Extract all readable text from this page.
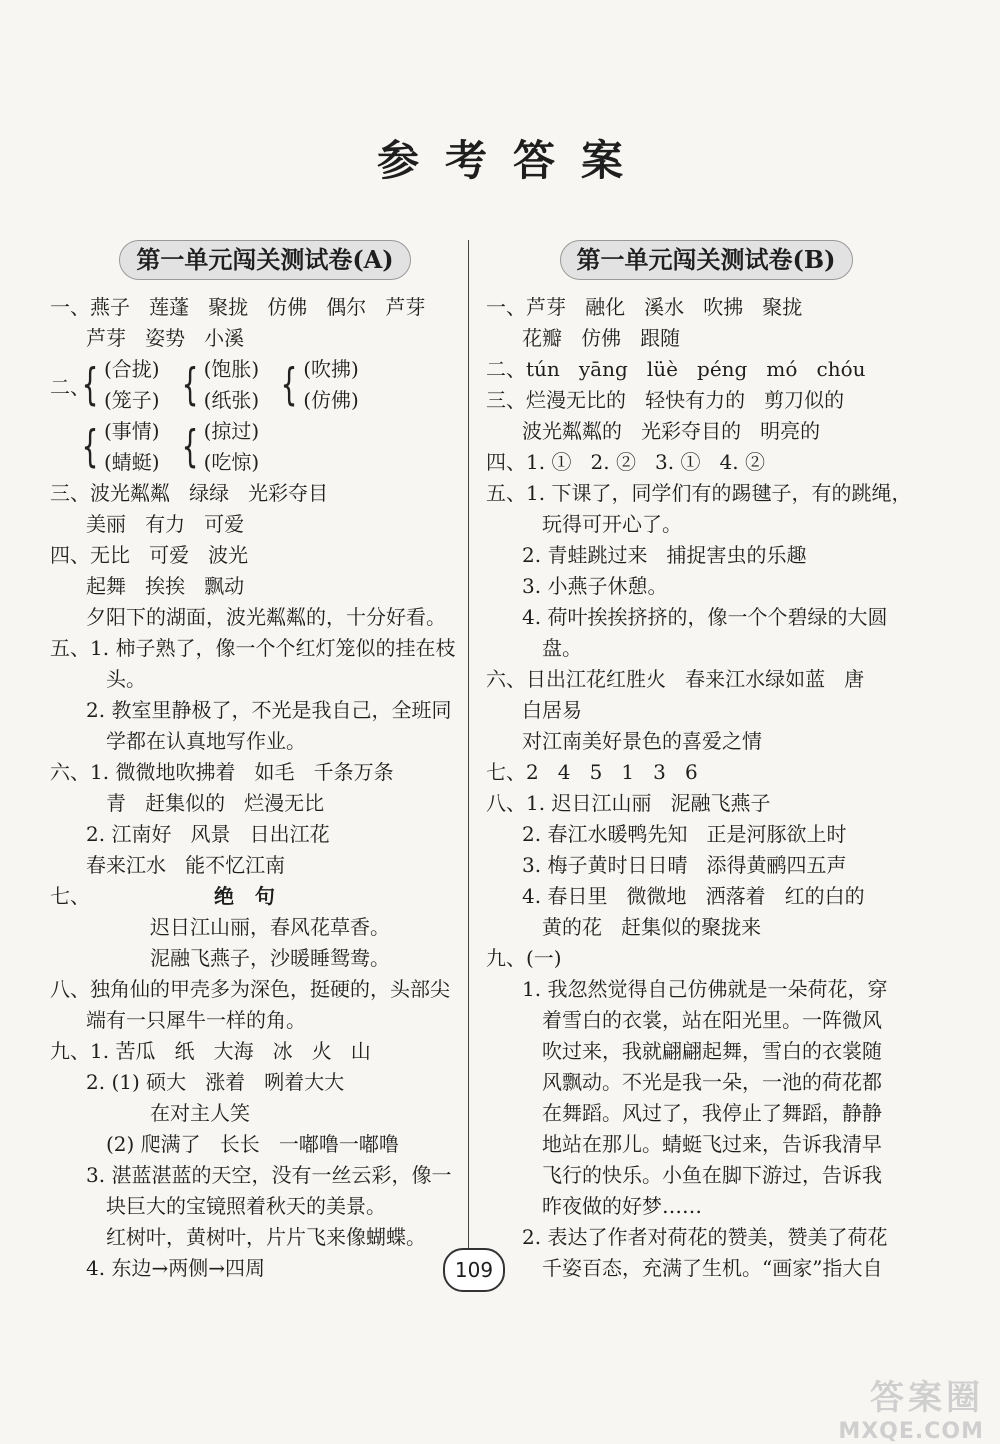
参考答案
第一单元闯关测试卷(A)
一、燕子   莲蓬   聚拢   仿佛   偶尔   芦芽
芦芽   姿势   小溪
二、
{ (合拢)
(笼子) { (饱胀)
(纸张) { (吹拂)
(仿佛)

{ (事情)
(蜻蜓) { (掠过)
(吃惊)
三、波光粼粼   绿绿   光彩夺目
美丽   有力   可爱
四、无比   可爱   波光
起舞   挨挨   飘动
夕阳下的湖面，波光粼粼的，十分好看。
五、1. 柿子熟了，像一个个红灯笼似的挂在枝
头。
2. 教室里静极了，不光是我自己，全班同
学都在认真地写作业。
六、1. 微微地吹拂着   如毛   千条万条
青   赶集似的   烂漫无比
2. 江南好   风景   日出江花
春来江水   能不忆江南
七、	绝   句
迟日江山丽，春风花草香。
泥融飞燕子，沙暖睡鸳鸯。
八、独角仙的甲壳多为深色，挺硬的，头部尖
端有一只犀牛一样的角。
九、1. 苦瓜   纸   大海   冰   火   山
2. (1) 硕大   涨着   咧着大大
在对主人笑
(2) 爬满了   长长   一嘟噜一嘟噜
3. 湛蓝湛蓝的天空，没有一丝云彩，像一
块巨大的宝镜照着秋天的美景。
红树叶，黄树叶，片片飞来像蝴蝶。
4. 东边→两侧→四周
第一单元闯关测试卷(B)
一、芦芽   融化   溪水   吹拂   聚拢
花瓣   仿佛   跟随
二、tún   yāng   lüè   péng   mó   chóu
三、烂漫无比的   轻快有力的   剪刀似的
波光粼粼的   光彩夺目的   明亮的
四、1. ①   2. ②   3. ①   4. ②
五、1. 下课了，同学们有的踢毽子，有的跳绳，
玩得可开心了。
2. 青蛙跳过来   捕捉害虫的乐趣
3. 小燕子休憩。
4. 荷叶挨挨挤挤的，像一个个碧绿的大圆
盘。
六、日出江花红胜火   春来江水绿如蓝   唐
白居易
对江南美好景色的喜爱之情
七、2   4   5   1   3   6
八、1. 迟日江山丽   泥融飞燕子
2. 春江水暖鸭先知   正是河豚欲上时
3. 梅子黄时日日晴   添得黄鹂四五声
4. 春日里   微微地   洒落着   红的白的
黄的花   赶集似的聚拢来
九、(一)
1. 我忽然觉得自己仿佛就是一朵荷花，穿
着雪白的衣裳，站在阳光里。一阵微风
吹过来，我就翩翩起舞，雪白的衣裳随
风飘动。不光是我一朵，一池的荷花都
在舞蹈。风过了，我停止了舞蹈，静静
地站在那儿。蜻蜓飞过来，告诉我清早
飞行的快乐。小鱼在脚下游过，告诉我
昨夜做的好梦……
2. 表达了作者对荷花的赞美，赞美了荷花
千姿百态，充满了生机。“画家”指大自
109
答案圈
MXQE.COM
